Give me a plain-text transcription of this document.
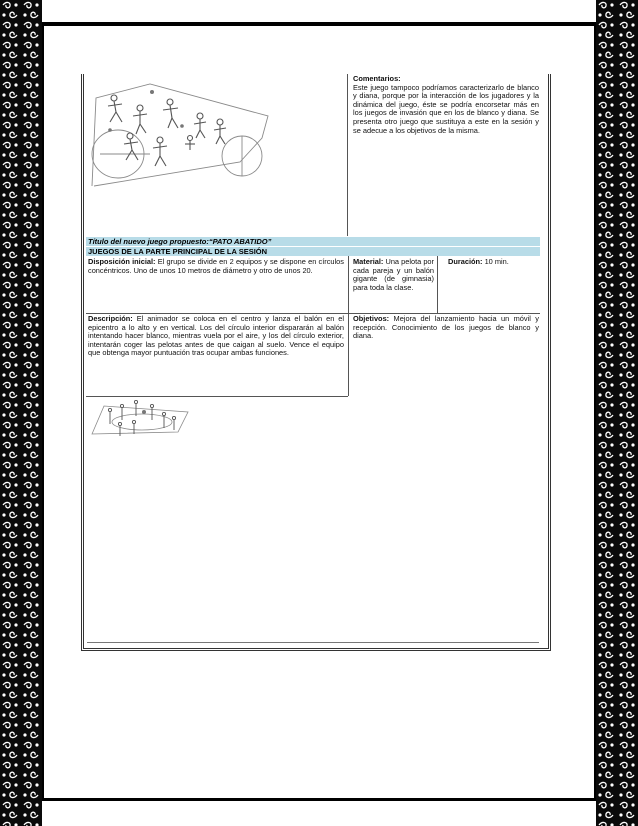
Comentarios:
Este juego tampoco podríamos caracterizarlo de blanco y diana, porque por la interacción de los jugadores y la dinámica del juego, éste se podría encorsetar más en los juegos de invasión que en los de blanco y diana. Se presenta otro juego que sustituya a este en la sesión y se adecue a los objetivos de la misma.
Título del nuevo juego propuesto:“PATO ABATIDO”
JUEGOS DE LA PARTE PRINCIPAL DE LA SESIÓN
Disposición inicial: El grupo se divide en 2 equipos y se dispone en círculos concéntricos. Uno de unos 10 metros de diámetro y otro de unos 20.
Material: Una pelota por cada pareja y un balón gigante (de gimnasia) para toda la clase.
Duración: 10 min.
Descripción: El animador se coloca en el centro y lanza el balón en el epicentro a lo alto y en vertical. Los del círculo interior dispararán al balón intentando hacer blanco, mientras vuela por el aire, y los del círculo exterior, intentarán coger las pelotas antes de que caigan al suelo. Vence el equipo que obtenga mayor puntuación tras ocupar ambas funciones.
Objetivos: Mejora del lanzamiento hacia un móvil y recepción. Conocimiento de los juegos de blanco y diana.
